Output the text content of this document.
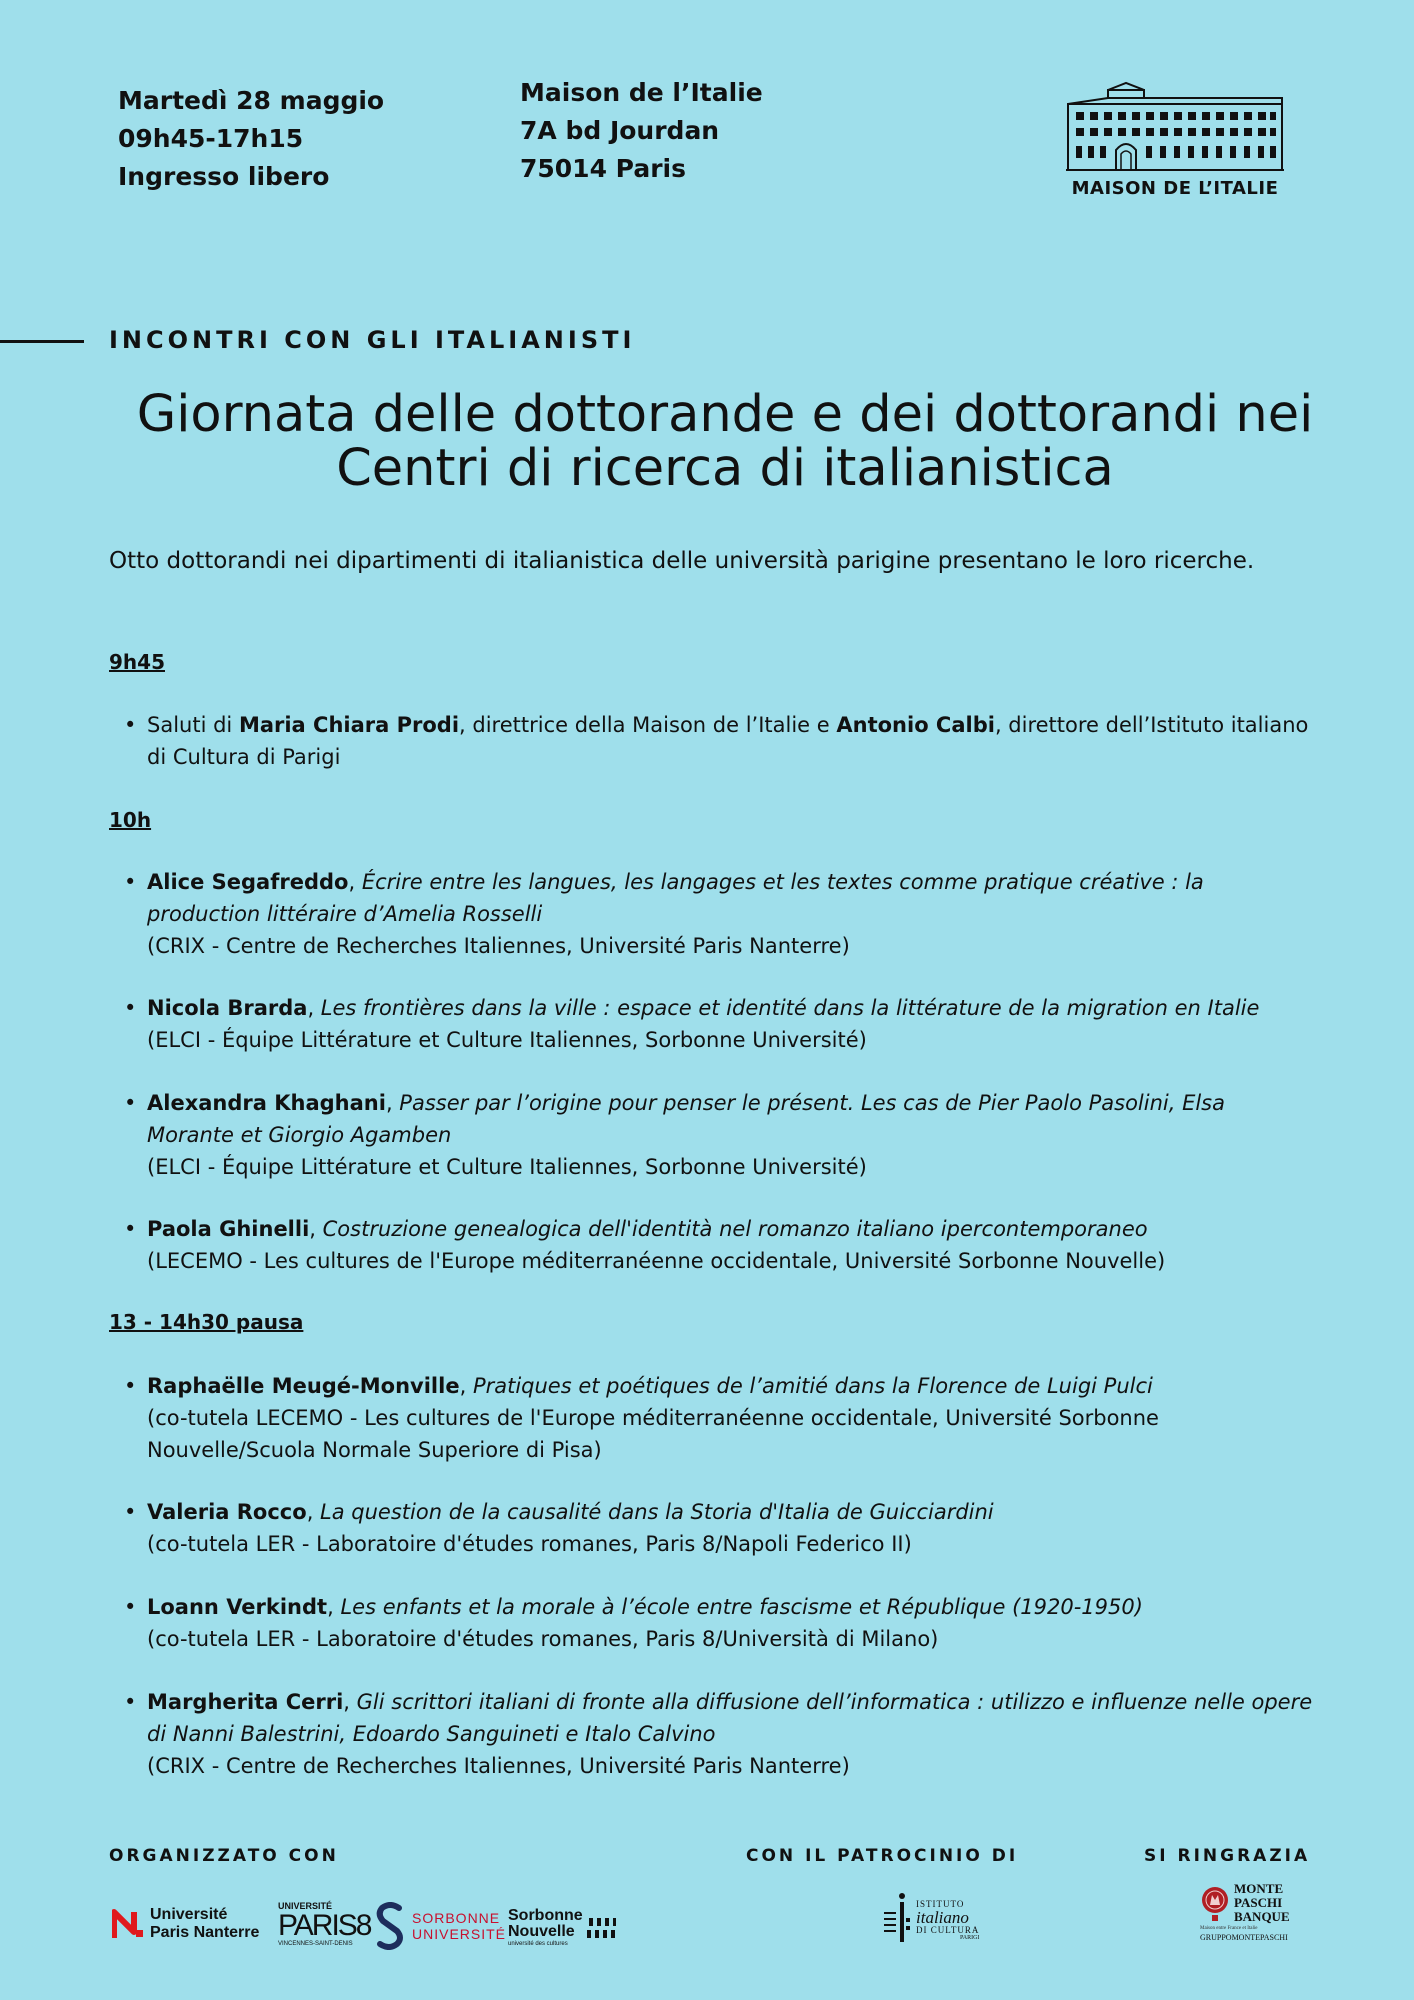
Martedì 28 maggio
09h45-17h15
Ingresso libero
Maison de l’Italie
7A bd Jourdan
75014 Paris
MAISON DE L’ITALIE
INCONTRI CON GLI ITALIANISTI
Giornata delle dottorande e dei dottorandi nei
Centri di ricerca di italianistica
Otto dottorandi nei dipartimenti di italianistica delle università parigine presentano le loro ricerche.
9h45
• Saluti di Maria Chiara Prodi, direttrice della Maison de l’Italie e Antonio Calbi, direttore dell’Istituto italiano di Cultura di Parigi
10h
• Alice Segafreddo, Écrire entre les langues, les langages et les textes comme pratique créative : la production littéraire d’Amelia Rosselli
(CRIX - Centre de Recherches Italiennes, Université Paris Nanterre)
• Nicola Brarda, Les frontières dans la ville : espace et identité dans la littérature de la migration en Italie
(ELCI - Équipe Littérature et Culture Italiennes, Sorbonne Université)
• Alexandra Khaghani, Passer par l’origine pour penser le présent. Les cas de Pier Paolo Pasolini, Elsa Morante et Giorgio Agamben
(ELCI - Équipe Littérature et Culture Italiennes, Sorbonne Université)
• Paola Ghinelli, Costruzione genealogica dell'identità nel romanzo italiano ipercontemporaneo
(LECEMO - Les cultures de l'Europe méditerranéenne occidentale, Université Sorbonne Nouvelle)
13 - 14h30 pausa
• Raphaëlle Meugé-Monville, Pratiques et poétiques de l’amitié dans la Florence de Luigi Pulci
(co-tutela LECEMO - Les cultures de l'Europe méditerranéenne occidentale, Université Sorbonne Nouvelle/Scuola Normale Superiore di Pisa)
• Valeria Rocco, La question de la causalité dans la Storia d'Italia de Guicciardini
(co-tutela LER - Laboratoire d'études romanes, Paris 8/Napoli Federico II)
• Loann Verkindt, Les enfants et la morale à l’école entre fascisme et République (1920-1950)
(co-tutela LER - Laboratoire d'études romanes, Paris 8/Università di Milano)
• Margherita Cerri, Gli scrittori italiani di fronte alla diffusione dell’informatica : utilizzo e influenze nelle opere di Nanni Balestrini, Edoardo Sanguineti e Italo Calvino
(CRIX - Centre de Recherches Italiennes, Université Paris Nanterre)
ORGANIZZATO CON	CON IL PATROCINIO DI	SI RINGRAZIA
Université
Paris Nanterre
UNIVERSITÉ
PARIS8
VINCENNES-SAINT-DENIS
SORBONNE
UNIVERSITÉ
Sorbonne
Nouvelle
université des cultures
ISTITUTO
italiano
DI CULTURA
PARIGI
MONTE
PASCHI
BANQUE
Maison entre France et Italie
GRUPPOMONTEPASCHI
